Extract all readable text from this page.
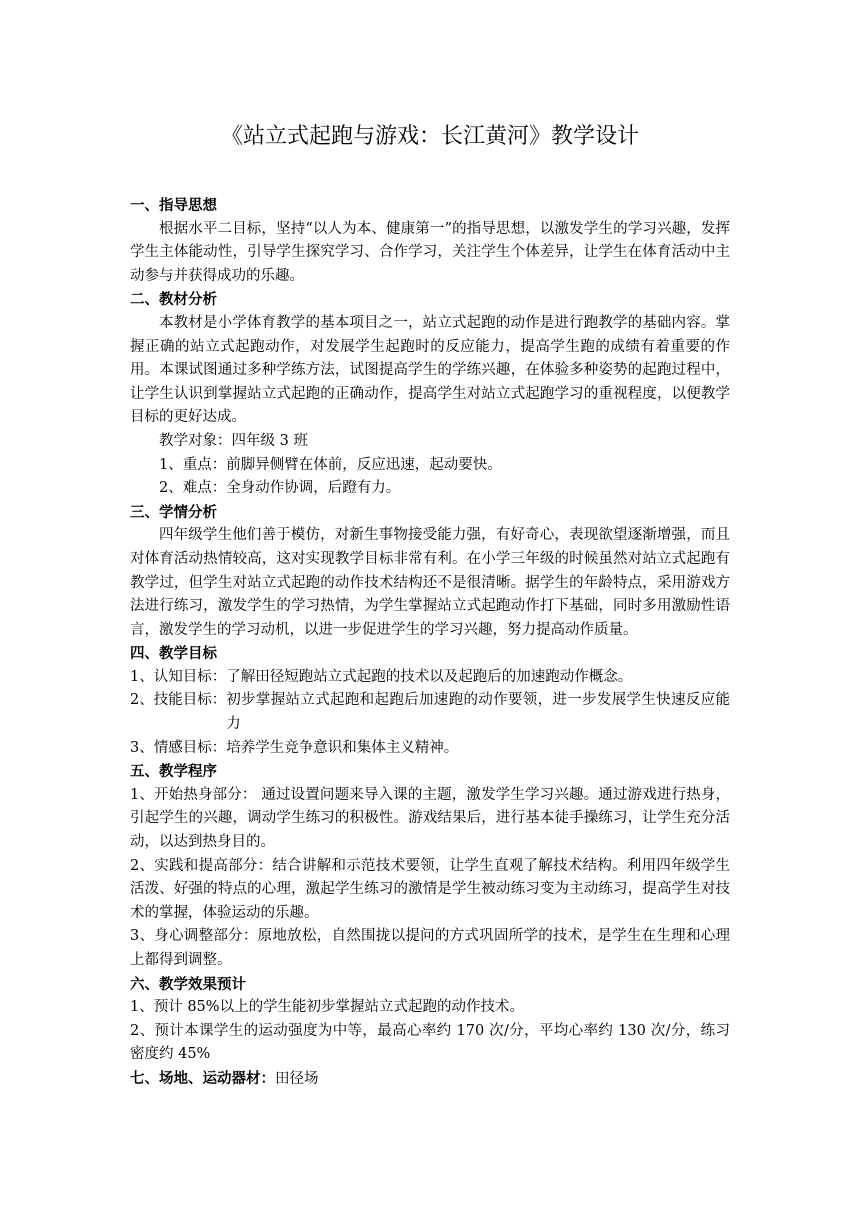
《站立式起跑与游戏：长江黄河》教学设计

一、指导思想

根据水平二目标，坚持“以人为本、健康第一”的指导思想，以激发学生的学习兴趣，发挥学生主体能动性，引导学生探究学习、合作学习，关注学生个体差异，让学生在体育活动中主动参与并获得成功的乐趣。

二、教材分析

本教材是小学体育教学的基本项目之一，站立式起跑的动作是进行跑教学的基础内容。掌握正确的站立式起跑动作，对发展学生起跑时的反应能力，提高学生跑的成绩有着重要的作用。本课试图通过多种学练方法，试图提高学生的学练兴趣，在体验多种姿势的起跑过程中，让学生认识到掌握站立式起跑的正确动作，提高学生对站立式起跑学习的重视程度，以便教学目标的更好达成。

教学对象：四年级 3 班

1、重点：前脚异侧臂在体前，反应迅速，起动要快。

2、难点：全身动作协调，后蹬有力。

三、学情分析

四年级学生他们善于模仿，对新生事物接受能力强，有好奇心，表现欲望逐渐增强，而且对体育活动热情较高，这对实现教学目标非常有利。在小学三年级的时候虽然对站立式起跑有教学过，但学生对站立式起跑的动作技术结构还不是很清晰。据学生的年龄特点，采用游戏方法进行练习，激发学生的学习热情，为学生掌握站立式起跑动作打下基础，同时多用激励性语言，激发学生的学习动机，以进一步促进学生的学习兴趣，努力提高动作质量。

四、教学目标

1、认知目标： 了解田径短跑站立式起跑的技术以及起跑后的加速跑动作概念。
2、技能目标： 初步掌握站立式起跑和起跑后加速跑的动作要领，进一步发展学生快速反应能力
3、情感目标： 培养学生竞争意识和集体主义精神。

五、教学程序

1、开始热身部分： 通过设置问题来导入课的主题，激发学生学习兴趣。通过游戏进行热身，引起学生的兴趣，调动学生练习的积极性。游戏结果后，进行基本徒手操练习，让学生充分活动，以达到热身目的。

2、实践和提高部分：结合讲解和示范技术要领，让学生直观了解技术结构。利用四年级学生活泼、好强的特点的心理，激起学生练习的激情是学生被动练习变为主动练习，提高学生对技术的掌握，体验运动的乐趣。

3、身心调整部分：原地放松，自然围拢以提问的方式巩固所学的技术，是学生在生理和心理上都得到调整。

六、教学效果预计

1、预计 85%以上的学生能初步掌握站立式起跑的动作技术。

2、预计本课学生的运动强度为中等，最高心率约 170 次/分，平均心率约 130 次/分，练习密度约 45%

七、场地、运动器材：田径场
